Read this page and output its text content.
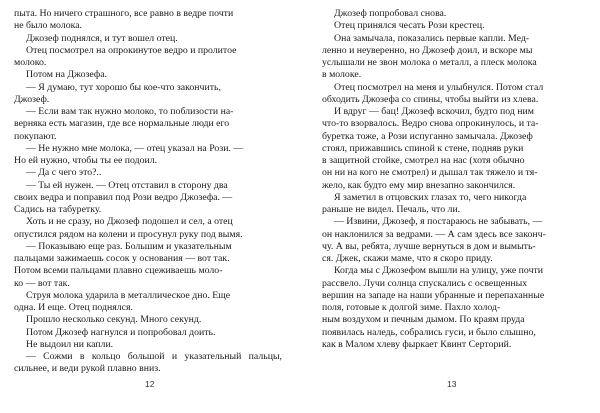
пыта. Но ничего страшного, все равно в ведре почти
не было молока.

Джозеф поднялся, и тут вошел отец.

Отец посмотрел на опрокинутое ведро и пролитое
молоко.

Потом на Джозефа.

— Я думаю, тут хорошо бы кое-что закончить,
Джозеф.

— Если вам так нужно молоко, то поблизости на-
верняка есть магазин, где все нормальные люди его
покупают.

— Не нужно мне молока, — отец указал на Рози. —
Но ей нужно, чтобы ты ее подоил.

— Да с чего это?..

— Ты ей нужен. — Отец отставил в сторону два
своих ведра и поправил под Рози ведро Джозефа. —
Садись на табуретку.

Хоть и не сразу, но Джозеф подошел и сел, а отец
опустился рядом на колени и просунул руку под вымя.

— Показываю еще раз. Большим и указательным
пальцами зажимаешь сосок у основания — вот так.
Потом всеми пальцами плавно сцеживаешь моло-
ко — вот так.

Струя молока ударила в металлическое дно. Еще
одна. И еще. Отец поднялся.

Прошло несколько секунд. Много секунд.

Потом Джозеф нагнулся и попробовал доить.

Не выдоил ни капли.

— Сожми в кольцо большой и указательный пальцы, сильнее, и веди рукой плавно вниз.

12

Джозеф попробовал снова.

Отец принялся чесать Рози крестец.

Она замычала, показались первые капли. Мед-
ленно и неуверенно, но Джозеф доил, и вскоре мы
услышали не звон молока о металл, а плеск молока
в молоке.

Отец посмотрел на меня и улыбнулся. Потом стал
обходить Джозефа со спины, чтобы выйти из хлева.

И вдруг — бац! Джозеф вскочил, будто под ним
что-то взорвалось. Ведро снова опрокинулось, и та-
буретка тоже, а Рози испуганно замычала. Джозеф
стоял, прижавшись спиной к стене, подняв руки
в защитной стойке, смотрел на нас (хотя обычно
он ни на кого не смотрел) и дышал так тяжело и тя-
жело, как будто ему мир внезапно закончился.

Я заметил в отцовских глазах то, чего никогда
раньше не видел. Печаль, что ли.

— Извини, Джозеф, я постараюсь не забывать, —
он наклонился за ведрами. — А сам здесь все законч-
чу. А вы, ребята, лучше вернуться в дом и вымыть-
ся. Джек, скажи маме, что я скоро приду.

Когда мы с Джозефом вышли на улицу, уже почти
рассвело. Лучи солнца спускались с освещенных
вершин на западе на наши убранные и перепаханные
поля, готовые к долгой зиме. Пахло холод-
ным воздухом и печным дымом. По краям пруда
появилась наледь, собрались гуси, и было слышно,
как в Малом хлеву фыркает Квинт Серторий.

13
